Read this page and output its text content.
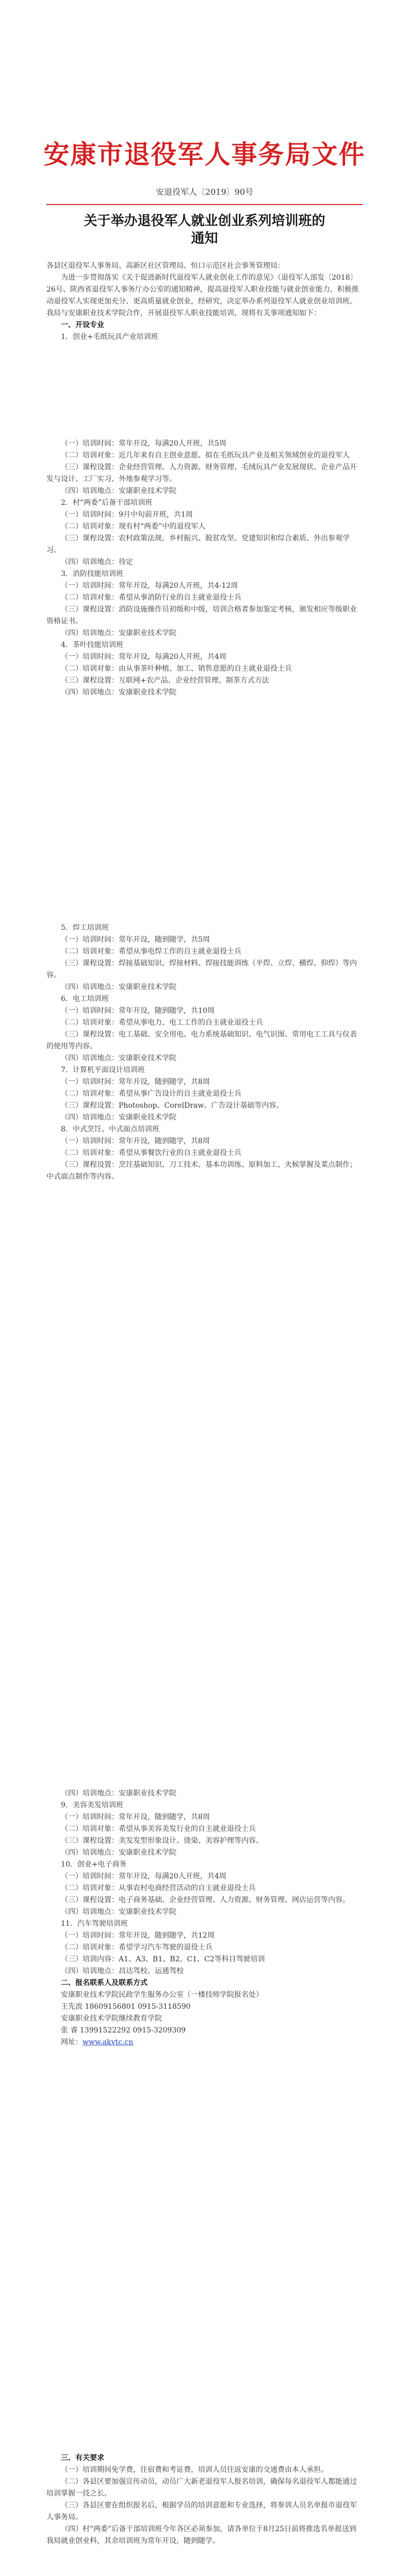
安康市退役军人事务局文件
安退役军人〔2019〕90号
关于举办退役军人就业创业系列培训班的通知

各县区退役军人事务局、高新区社区管理局、恒口示范区社会事务管理局：

为进一步贯彻落实《关于促进新时代退役军人就业创业工作的意见》（退役军人部发〔2018〕26号、陕西省退役军人事务厅办公室的通知精神，提高退役军人职业技能与就业创业能力，积极推动退役军人实现更加充分、更高质量就业创业，经研究，决定举办系列退役军人就业创业培训班。我局与安康职业技术学院合作，开展退役军人职业技能培训，现将有关事项通知如下：

一、开设专业

1．创业+毛纸玩具产业培训班

（一）培训时间：常年开设，每满20人开班，共5周

（二）培训对象：近几年来有自主创业意愿、拟在毛纸玩具产业及相关领域创业的退役军人

（三）课程设置：企业经营管理、人力资源、财务管理、毛绒玩具产业发展现状、企业产品开发与设计、工厂实习、外地参观学习等。

（四）培训地点：安康职业技术学院

2．村“两委”后备干部培训班

（一）培训时间：9月中旬前开班，共1周

（二）培训对象：现有村“两委”中的退役军人

（三）课程设置：农村政策法规、乡村振兴、脱贫攻坚、党建知识和综合素质、外出参观学习。

（四）培训地点：待定

3．消防技能培训班

（一）培训时间：常年开设，每满20人开班，共4-12周

（二）培训对象：希望从事消防行业的自主就业退役士兵

（三）课程设置：消防设施操作员初级和中级，培训合格者参加鉴定考核，颁发相应等级职业资格证书。

（四）培训地点：安康职业技术学院

4．茶叶技能培训班

（一）培训时间：常年开设，每满20人开班，共4周

（二）培训对象：由从事茶叶种植、加工、销售意愿的自主就业退役士兵

（三）课程设置：互联网+农产品、企业经营管理、制茶方式方法

（四）培训地点：安康职业技术学院

5．焊工培训班

（一）培训时间：常年开设，随到随学，共5周

（二）培训对象：希望从事电焊工作的自主就业退役士兵

（三）课程设置：焊接基础知识、焊接材料、焊接技能训练（平焊、立焊、横焊、仰焊）等内容。

（四）培训地点：安康职业技术学院

6．电工培训班

（一）培训时间：常年开设，随到随学，共10周

（二）培训对象：希望从事电力、电工工作的自主就业退役士兵

（三）课程设置：电工基础、安全用电、电力系统基础知识、电气识图、常用电工工具与仪表的使用等内容。

（四）培训地点：安康职业技术学院

7．计算机平面设计培训班

（一）培训时间：常年开设，随到随学，共8周

（二）培训对象：希望从事广告设计的自主就业退役士兵

（三）课程设置：Photoshop、CorelDraw、广告设计基础等内容。

（四）培训地点：安康职业技术学院

8．中式烹饪、中式面点培训班

（一）培训时间：常年开设，随到随学，共8周

（二）培训对象：希望从事餐饮行业的自主就业退役士兵

（三）课程设置：烹饪基础知识、刀工技术、基本功训练、原料加工、火候掌握及菜点制作；中式面点制作等内容。

（四）培训地点：安康职业技术学院

9．美容美发培训班

（一）培训时间：常年开设，随到随学，共8周

（二）培训对象：希望从事美容美发行业的自主就业退役士兵

（三）课程设置：美发发型形象设计、烫染、美容护理等内容。

（四）培训地点：安康职业技术学院

10．创业+电子商务

（一）培训时间：常年开设，每满20人开班，共4周

（二）培训对象：从事农村电商经营活动的自主就业退役士兵

（三）课程设置：电子商务基础、企业经营管理、人力资源、财务管理、网店运营等内容。

（四）培训地点：安康职业技术学院

11．汽车驾驶培训班

（一）培训时间：常年开设，随到随学，共12周

（二）培训对象：希望学习汽车驾驶的退役士兵

（三）培训内容：A1、A3、B1、B2、C1、C2等科目驾驶培训

（四）培训地点：昌达驾校、运通驾校

二、报名联系人及联系方式

安康职业技术学院民政学生服务办公室（一楼技师学院报名处）

王先波 18609156801 0915-3118590

安康职业技术学院继续教育学院

张 睿 13991522292 0915-3209309

网址：www.akvtc.cn

三、有关要求

（一）培训期间免学费，住宿费和考证费，培训人员往返安康的交通费由本人承担。

（二）各县区要加强宣传动员，动员广大新老退役军人报名培训，确保每名退役军人都能通过培训掌握一技之长。

（三）各县区要在组织报名后，根据学员的培训意愿和专业选择，将参训人员名单报市退役军人事务局。

（四）村“两委”后备干部培训班今年各区必须参加，请各单位于8月25日前将推选名单报送到我局就业创业科，其余培训班为常年开设，随到随学。
